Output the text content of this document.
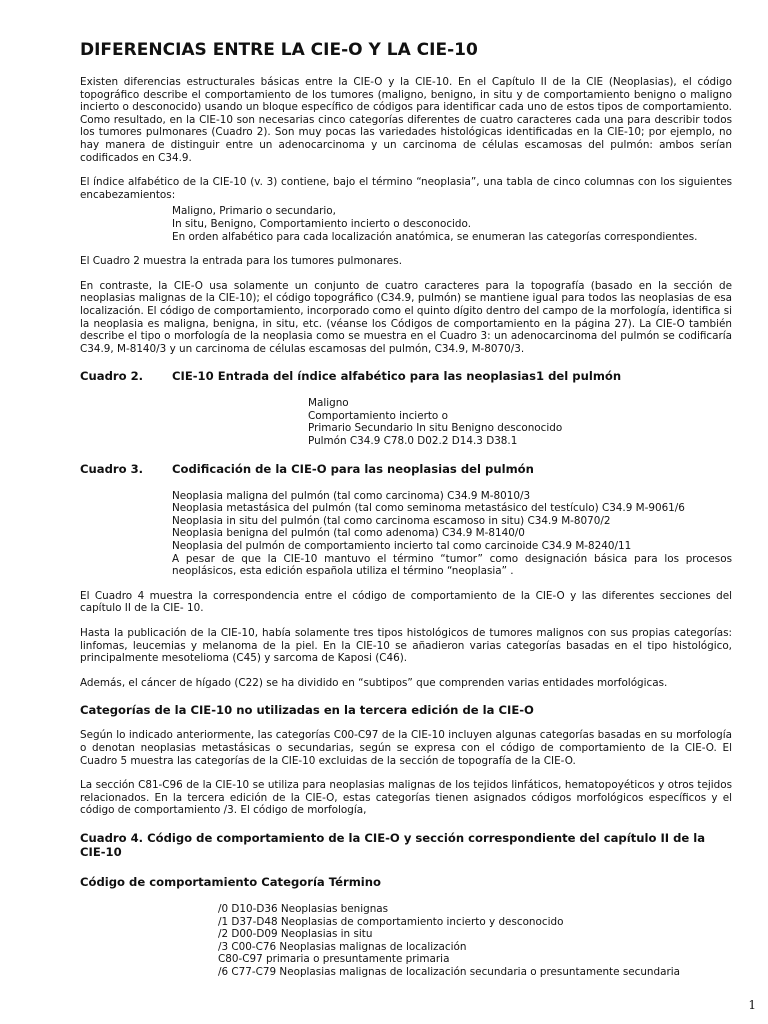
DIFERENCIAS ENTRE LA CIE-O Y LA CIE-10

Existen diferencias estructurales básicas entre la CIE-O y la CIE-10. En el Capítulo II de la CIE (Neoplasias), el código topográfico describe el comportamiento de los tumores (maligno, benigno, in situ y de comportamiento benigno o maligno incierto o desconocido) usando un bloque específico de códigos para identificar cada uno de estos tipos de comportamiento. Como resultado, en la CIE-10 son necesarias cinco categorías diferentes de cuatro caracteres cada una para describir todos los tumores pulmonares (Cuadro 2). Son muy pocas las variedades histológicas identificadas en la CIE-10; por ejemplo, no hay manera de distinguir entre un adenocarcinoma y un carcinoma de células escamosas del pulmón: ambos serían codificados en C34.9.

El índice alfabético de la CIE-10 (v. 3) contiene, bajo el término “neoplasia”, una tabla de cinco columnas con los siguientes encabezamientos:

Maligno, Primario o secundario,
In situ, Benigno, Comportamiento incierto o desconocido.
En orden alfabético para cada localización anatómica, se enumeran las categorías correspondientes.

El Cuadro 2 muestra la entrada para los tumores pulmonares.

En contraste, la CIE-O usa solamente un conjunto de cuatro caracteres para la topografía (basado en la sección de neoplasias malignas de la CIE-10); el código topográfico (C34.9, pulmón) se mantiene igual para todos las neoplasias de esa localización. El código de comportamiento, incorporado como el quinto dígito dentro del campo de la morfología, identifica si la neoplasia es maligna, benigna, in situ, etc. (véanse los Códigos de comportamiento en la página 27). La CIE-O también describe el tipo o morfología de la neoplasia como se muestra en el Cuadro 3: un adenocarcinoma del pulmón se codificaría C34.9, M-8140/3 y un carcinoma de células escamosas del pulmón, C34.9, M-8070/3.

Cuadro 2.	CIE-10 Entrada del índice alfabético para las neoplasias1 del pulmón
Maligno
Comportamiento incierto o
Primario Secundario In situ Benigno desconocido
Pulmón C34.9 C78.0 D02.2 D14.3 D38.1
Cuadro 3.	Codificación de la CIE-O para las neoplasias del pulmón
Neoplasia maligna del pulmón (tal como carcinoma) C34.9 M-8010/3
Neoplasia metastásica del pulmón (tal como seminoma metastásico del testículo) C34.9 M-9061/6
Neoplasia in situ del pulmón (tal como carcinoma escamoso in situ) C34.9 M-8070/2
Neoplasia benigna del pulmón (tal como adenoma) C34.9 M-8140/0
Neoplasia del pulmón de comportamiento incierto tal como carcinoide C34.9 M-8240/11
A pesar de que la CIE-10 mantuvo el término “tumor” como designación básica para los procesos neoplásicos, esta edición española utiliza el término “neoplasia” .

El Cuadro 4 muestra la correspondencia entre el código de comportamiento de la CIE-O y las diferentes secciones del capítulo II de la CIE- 10.

Hasta la publicación de la CIE-10, había solamente tres tipos histológicos de tumores malignos con sus propias categorías: linfomas, leucemias y melanoma de la piel. En la CIE-10 se añadieron varias categorías basadas en el tipo histológico, principalmente mesotelioma (C45) y sarcoma de Kaposi (C46).

Además, el cáncer de hígado (C22) se ha dividido en “subtipos” que comprenden varias entidades morfológicas.

Categorías de la CIE-10 no utilizadas en la tercera edición de la CIE-O

Según lo indicado anteriormente, las categorías C00-C97 de la CIE-10 incluyen algunas categorías basadas en su morfología o denotan neoplasias metastásicas o secundarias, según se expresa con el código de comportamiento de la CIE-O. El Cuadro 5 muestra las categorías de la CIE-10 excluidas de la sección de topografía de la CIE-O.

La sección C81-C96 de la CIE-10 se utiliza para neoplasias malignas de los tejidos linfáticos, hematopoyéticos y otros tejidos relacionados. En la tercera edición de la CIE-O, estas categorías tienen asignados códigos morfológicos específicos y el código de comportamiento /3. El código de morfología,

Cuadro 4. Código de comportamiento de la CIE-O y sección correspondiente del capítulo II de la CIE-10
Código de comportamiento Categoría Término
/0 D10-D36 Neoplasias benignas
/1 D37-D48 Neoplasias de comportamiento incierto y desconocido
/2 D00-D09 Neoplasias in situ
/3 C00-C76 Neoplasias malignas de localización
C80-C97 primaria o presuntamente primaria
/6 C77-C79 Neoplasias malignas de localización secundaria o presuntamente secundaria
1
